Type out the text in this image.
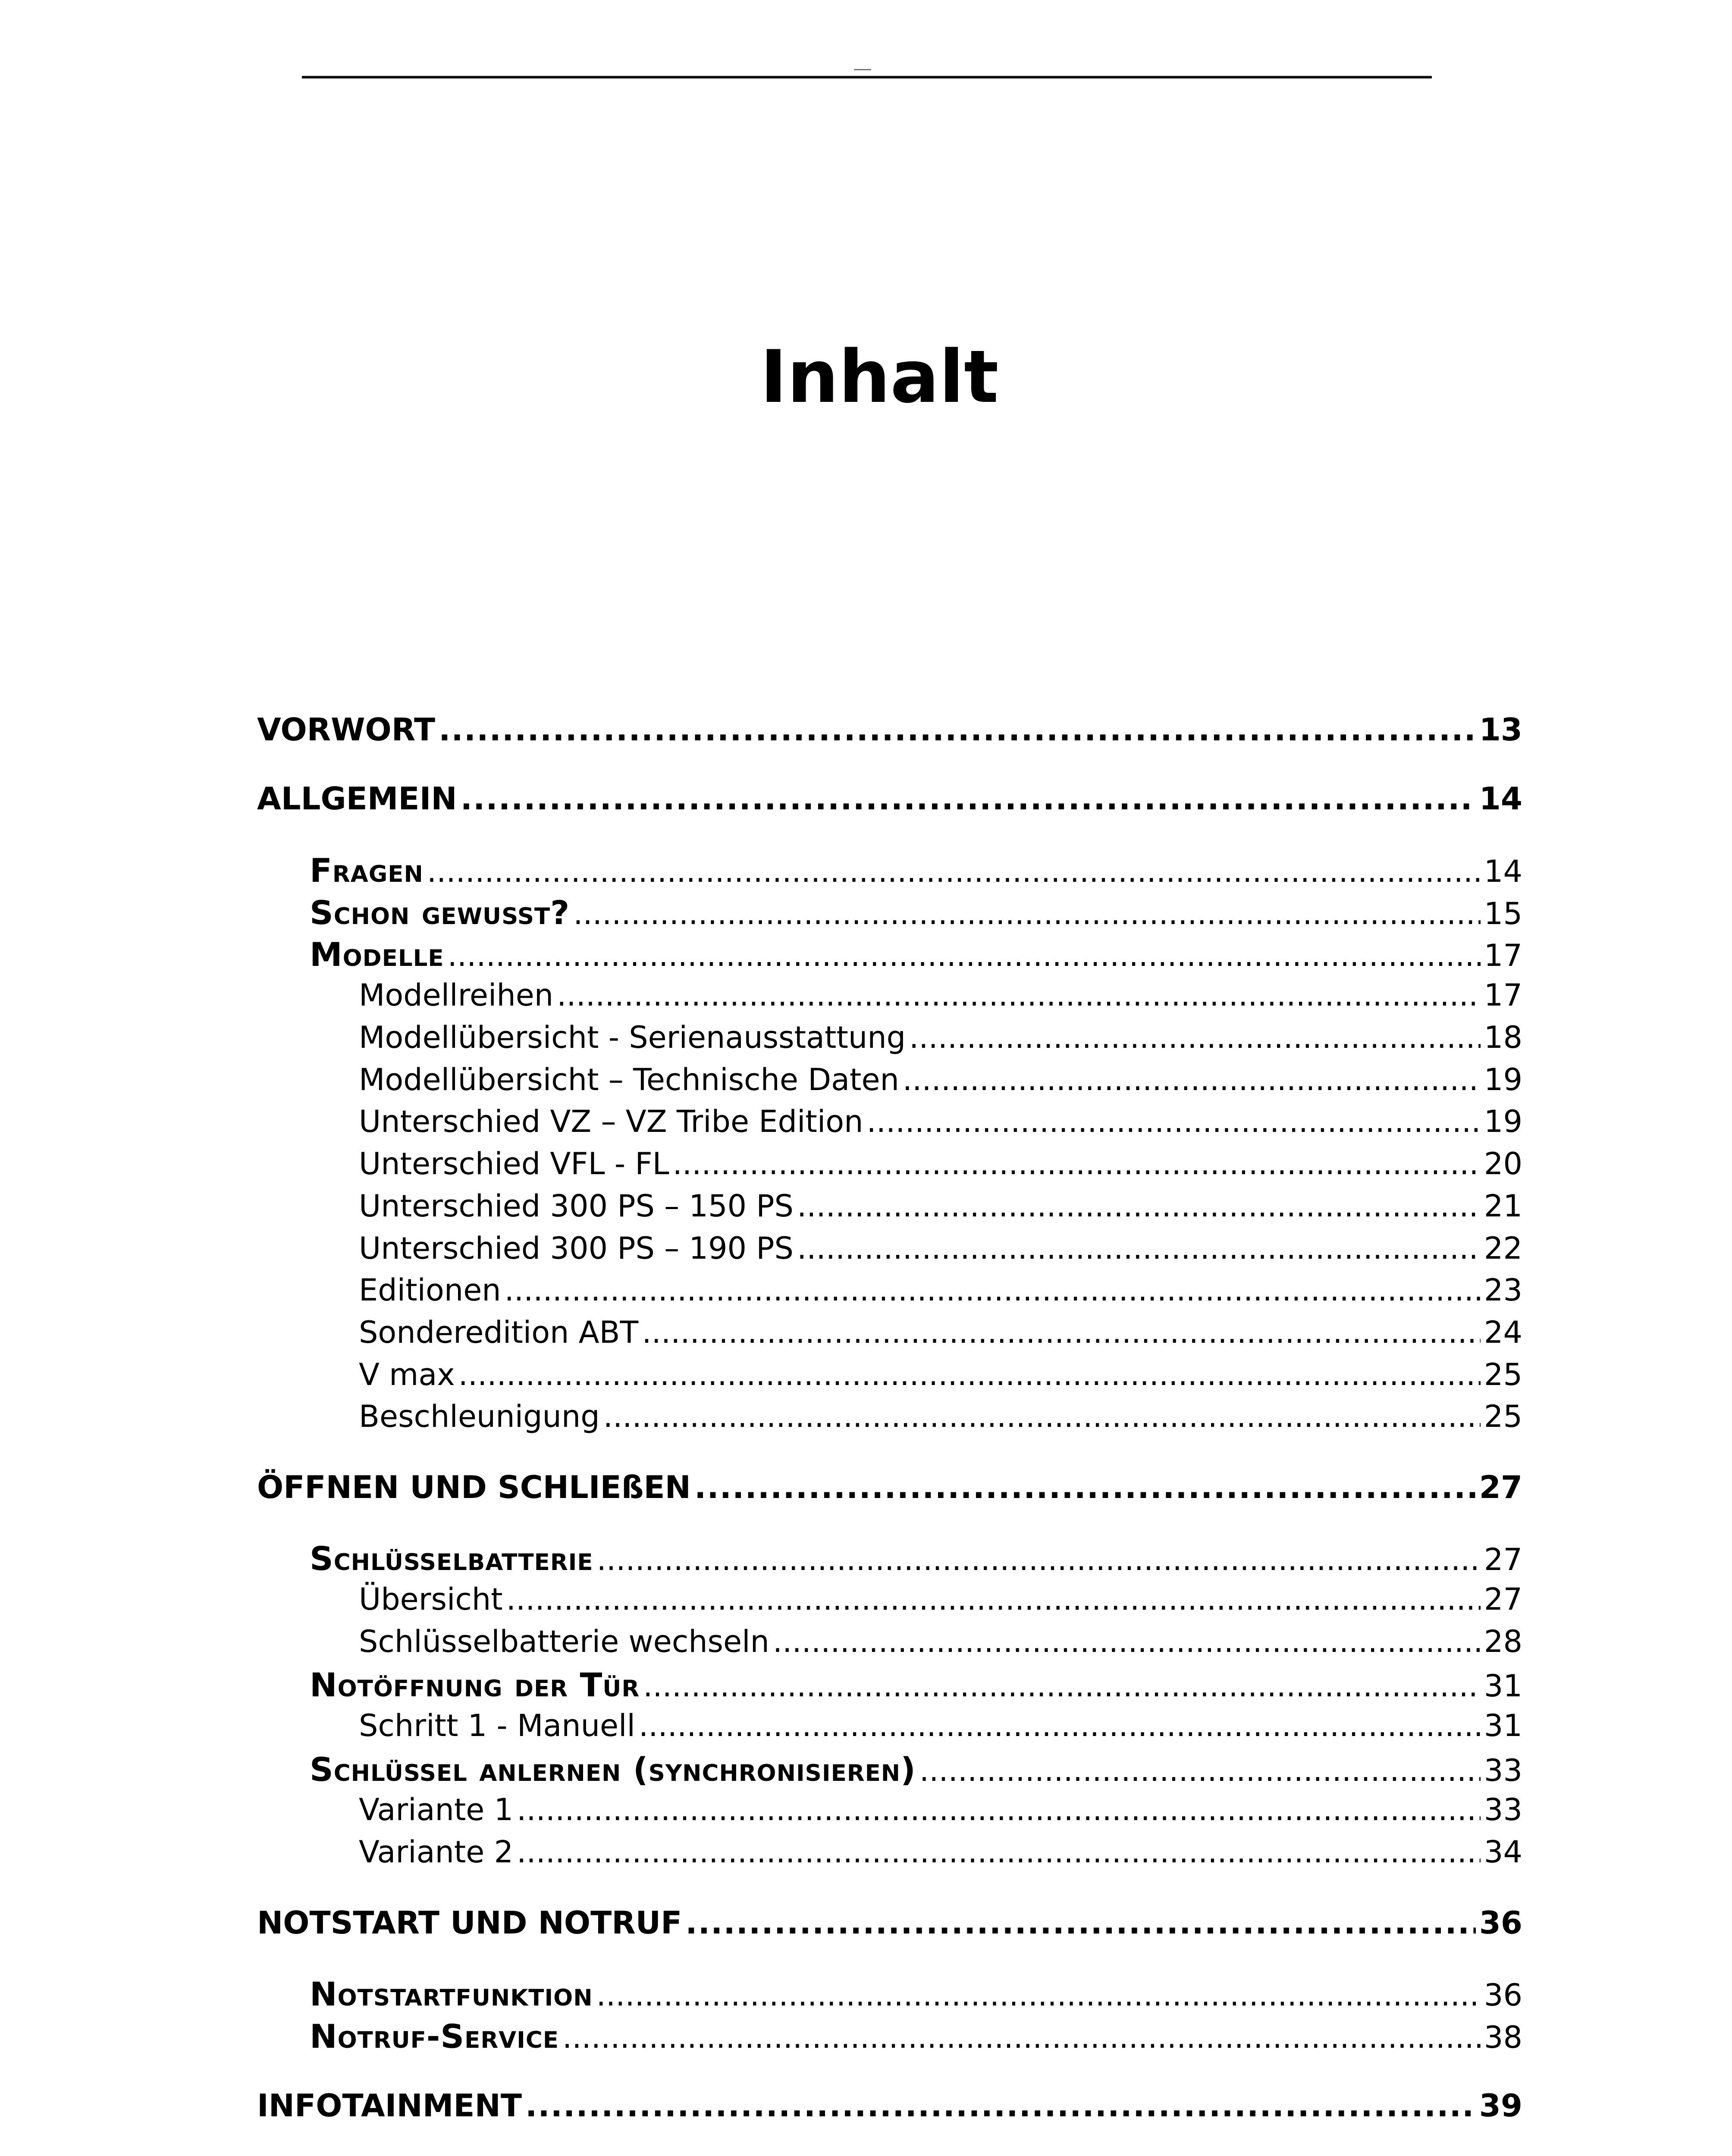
Inhalt
VORWORT .....	13
ALLGEMEIN .....	14
Fragen .....	14
Schon gewusst? .....	15
Modelle .....	17
Modellreihen .....	17
Modellübersicht - Serienausstattung .....	18
Modellübersicht – Technische Daten .....	19
Unterschied VZ – VZ Tribe Edition .....	19
Unterschied VFL - FL .....	20
Unterschied 300 PS – 150 PS .....	21
Unterschied 300 PS – 190 PS .....	22
Editionen .....	23
Sonderedition ABT .....	24
V max .....	25
Beschleunigung .....	25
ÖFFNEN UND SCHLIEßEN .....	27
Schlüsselbatterie .....	27
Übersicht .....	27
Schlüsselbatterie wechseln .....	28
Notöffnung der Tür .....	31
Schritt 1 - Manuell .....	31
Schlüssel anlernen (synchronisieren) .....	33
Variante 1 .....	33
Variante 2 .....	34
NOTSTART UND NOTRUF .....	36
Notstartfunktion .....	36
Notruf-Service .....	38
INFOTAINMENT .....	39
